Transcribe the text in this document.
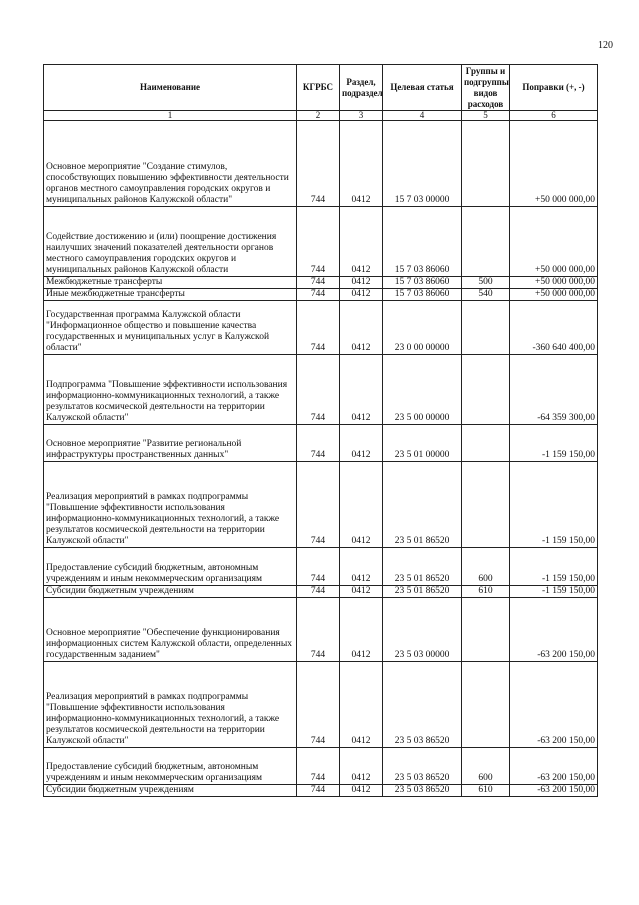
120
Наименование	КГРБС	Раздел, подраздел	Целевая статья	Группы и подгруппы видов расходов	Поправки (+, -)
1	2	3	4	5	6
Основное мероприятие "Создание стимулов, способствующих повышению эффективности деятельности органов местного самоуправления городских округов и муниципальных районов Калужской области"	744	0412	15 7 03 00000		+50 000 000,00
Содействие достижению и (или) поощрение достижения наилучших значений показателей деятельности органов местного самоуправления городских округов и муниципальных районов Калужской области	744	0412	15 7 03 86060		+50 000 000,00
Межбюджетные трансферты	744	0412	15 7 03 86060	500	+50 000 000,00
Иные межбюджетные трансферты	744	0412	15 7 03 86060	540	+50 000 000,00
Государственная программа Калужской области "Информационное общество и повышение качества государственных и муниципальных услуг в Калужской области"	744	0412	23 0 00 00000		-360 640 400,00
Подпрограмма "Повышение эффективности использования информационно-коммуникационных технологий, а также результатов космической деятельности на территории Калужской области"	744	0412	23 5 00 00000		-64 359 300,00
Основное мероприятие "Развитие региональной инфраструктуры пространственных данных"	744	0412	23 5 01 00000		-1 159 150,00
Реализация мероприятий в рамках подпрограммы "Повышение эффективности использования информационно-коммуникационных технологий, а также результатов космической деятельности на территории Калужской области"	744	0412	23 5 01 86520		-1 159 150,00
Предоставление субсидий бюджетным, автономным учреждениям и иным некоммерческим организациям	744	0412	23 5 01 86520	600	-1 159 150,00
Субсидии бюджетным учреждениям	744	0412	23 5 01 86520	610	-1 159 150,00
Основное мероприятие "Обеспечение функционирования информационных систем Калужской области, определенных государственным заданием"	744	0412	23 5 03 00000		-63 200 150,00
Реализация мероприятий в рамках подпрограммы "Повышение эффективности использования информационно-коммуникационных технологий, а также результатов космической деятельности на территории Калужской области"	744	0412	23 5 03 86520		-63 200 150,00
Предоставление субсидий бюджетным, автономным учреждениям и иным некоммерческим организациям	744	0412	23 5 03 86520	600	-63 200 150,00
Субсидии бюджетным учреждениям	744	0412	23 5 03 86520	610	-63 200 150,00
